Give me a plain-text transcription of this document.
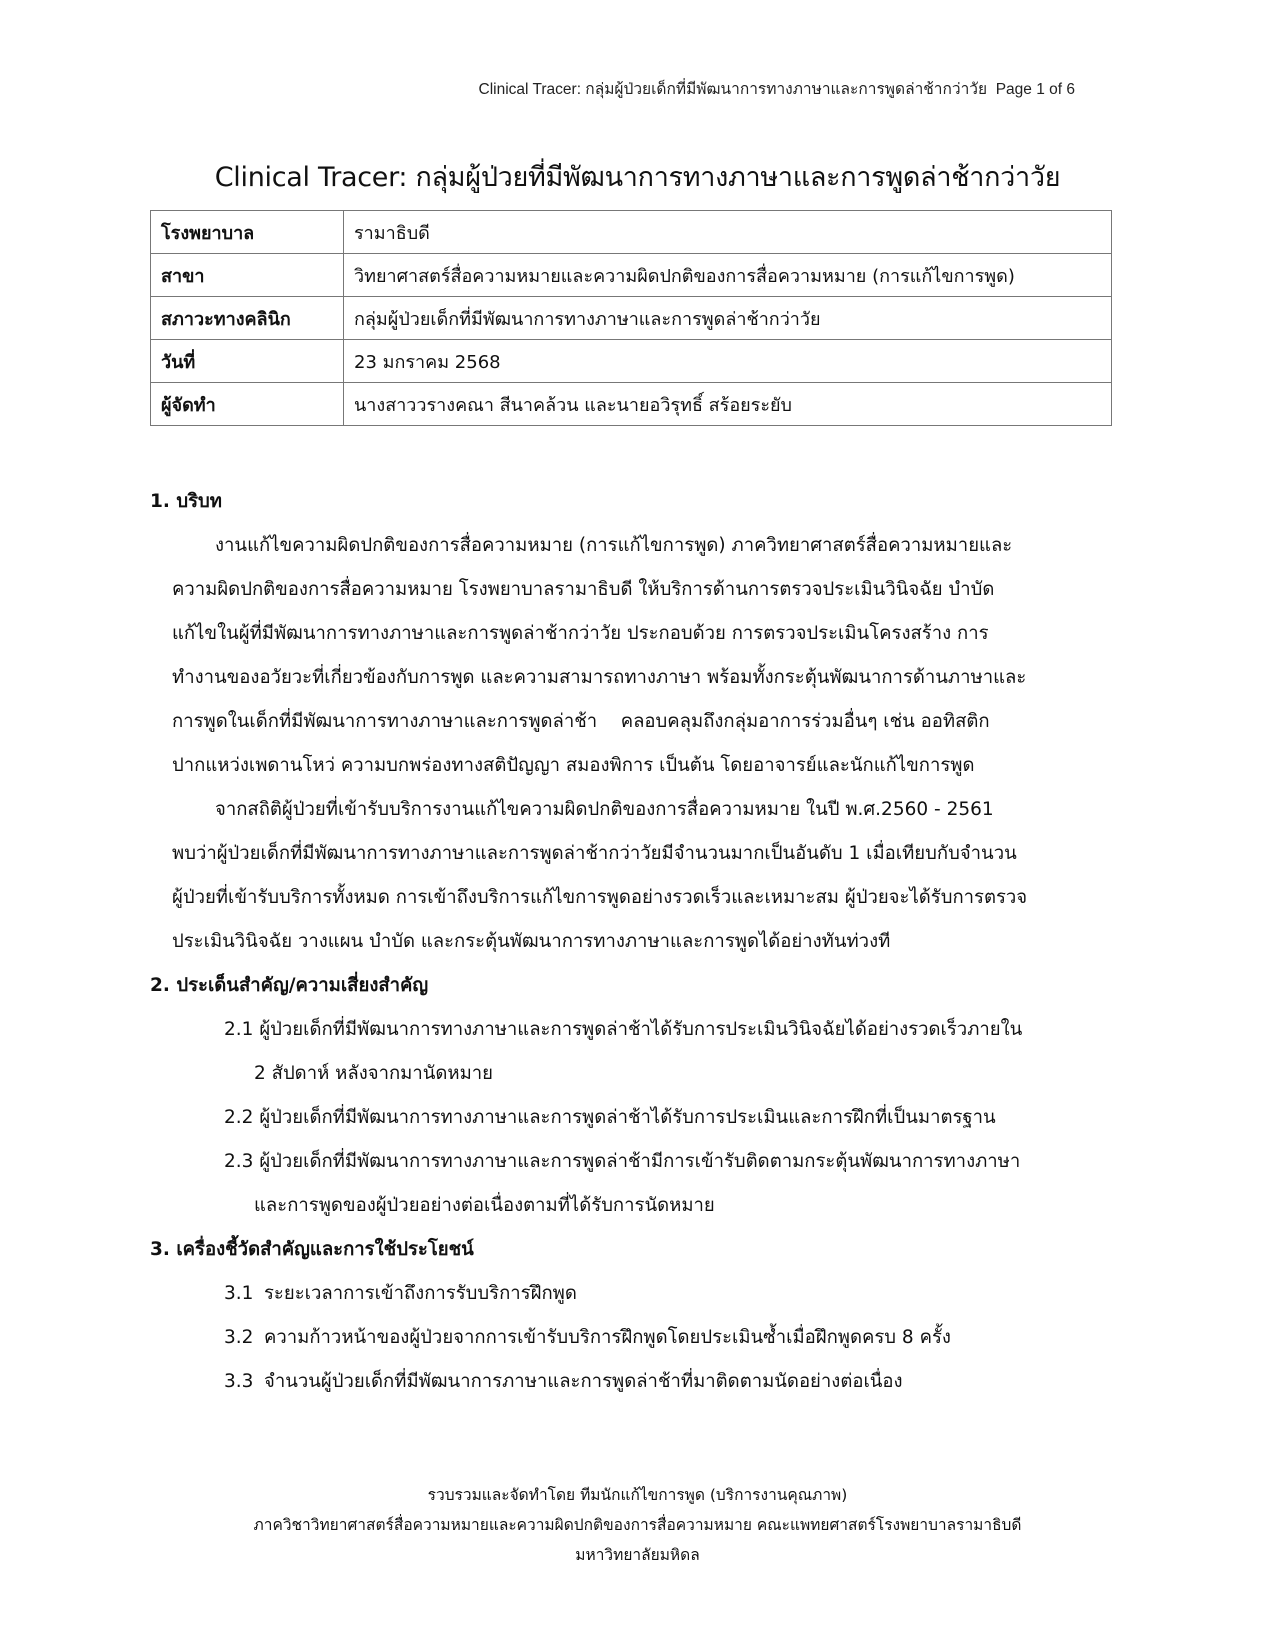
Clinical Tracer: กลุ่มผู้ป่วยเด็กที่มีพัฒนาการทางภาษาและการพูดล่าช้ากว่าวัย Page 1 of 6
Clinical Tracer: กลุ่มผู้ป่วยที่มีพัฒนาการทางภาษาและการพูดล่าช้ากว่าวัย
โรงพยาบาล	รามาธิบดี
สาขา	วิทยาศาสตร์สื่อความหมายและความผิดปกติของการสื่อความหมาย (การแก้ไขการพูด)
สภาวะทางคลินิก	กลุ่มผู้ป่วยเด็กที่มีพัฒนาการทางภาษาและการพูดล่าช้ากว่าวัย
วันที่	23 มกราคม 2568
ผู้จัดทำ	นางสาววรางคณา สีนาคล้วน และนายอวิรุทธิ์ สร้อยระยับ
1. บริบท
งานแก้ไขความผิดปกติของการสื่อความหมาย (การแก้ไขการพูด) ภาควิทยาศาสตร์สื่อความหมายและ
ความผิดปกติของการสื่อความหมาย โรงพยาบาลรามาธิบดี ให้บริการด้านการตรวจประเมินวินิจฉัย บำบัด
แก้ไขในผู้ที่มีพัฒนาการทางภาษาและการพูดล่าช้ากว่าวัย ประกอบด้วย การตรวจประเมินโครงสร้าง การ
ทำงานของอวัยวะที่เกี่ยวข้องกับการพูด และความสามารถทางภาษา พร้อมทั้งกระตุ้นพัฒนาการด้านภาษาและ
การพูดในเด็กที่มีพัฒนาการทางภาษาและการพูดล่าช้า    คลอบคลุมถึงกลุ่มอาการร่วมอื่นๆ เช่น ออทิสติก
ปากแหว่งเพดานโหว่ ความบกพร่องทางสติปัญญา สมองพิการ เป็นต้น โดยอาจารย์และนักแก้ไขการพูด
จากสถิติผู้ป่วยที่เข้ารับบริการงานแก้ไขความผิดปกติของการสื่อความหมาย ในปี พ.ศ.2560 - 2561
พบว่าผู้ป่วยเด็กที่มีพัฒนาการทางภาษาและการพูดล่าช้ากว่าวัยมีจำนวนมากเป็นอันดับ 1 เมื่อเทียบกับจำนวน
ผู้ป่วยที่เข้ารับบริการทั้งหมด การเข้าถึงบริการแก้ไขการพูดอย่างรวดเร็วและเหมาะสม ผู้ป่วยจะได้รับการตรวจ
ประเมินวินิจฉัย วางแผน บำบัด และกระตุ้นพัฒนาการทางภาษาและการพูดได้อย่างทันท่วงที
2. ประเด็นสำคัญ/ความเสี่ยงสำคัญ
2.1 ผู้ป่วยเด็กที่มีพัฒนาการทางภาษาและการพูดล่าช้าได้รับการประเมินวินิจฉัยได้อย่างรวดเร็วภายใน
2 สัปดาห์ หลังจากมานัดหมาย
2.2 ผู้ป่วยเด็กที่มีพัฒนาการทางภาษาและการพูดล่าช้าได้รับการประเมินและการฝึกที่เป็นมาตรฐาน
2.3 ผู้ป่วยเด็กที่มีพัฒนาการทางภาษาและการพูดล่าช้ามีการเข้ารับติดตามกระตุ้นพัฒนาการทางภาษา
และการพูดของผู้ป่วยอย่างต่อเนื่องตามที่ได้รับการนัดหมาย
3. เครื่องชี้วัดสำคัญและการใช้ประโยชน์
3.1 ระยะเวลาการเข้าถึงการรับบริการฝึกพูด
3.2 ความก้าวหน้าของผู้ป่วยจากการเข้ารับบริการฝึกพูดโดยประเมินซ้ำเมื่อฝึกพูดครบ 8 ครั้ง
3.3 จำนวนผู้ป่วยเด็กที่มีพัฒนาการภาษาและการพูดล่าช้าที่มาติดตามนัดอย่างต่อเนื่อง
รวบรวมและจัดทำโดย ทีมนักแก้ไขการพูด (บริการงานคุณภาพ)
ภาควิชาวิทยาศาสตร์สื่อความหมายและความผิดปกติของการสื่อความหมาย คณะแพทยศาสตร์โรงพยาบาลรามาธิบดี
มหาวิทยาลัยมหิดล
